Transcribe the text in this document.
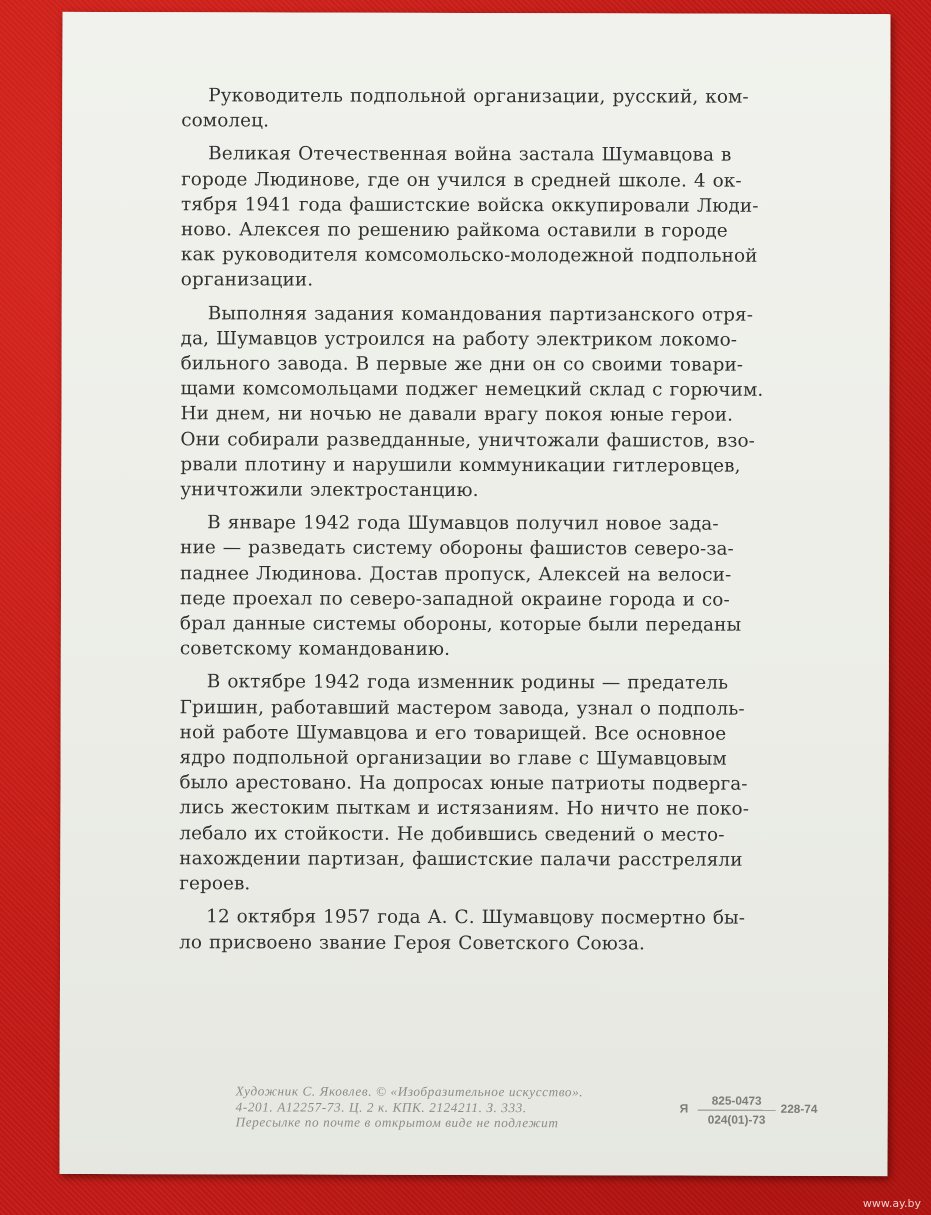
Руководитель подпольной организации, русский, ком-
сомолец.

Великая Отечественная война застала Шумавцова в
городе Людинове, где он учился в средней школе. 4 ок-
тября 1941 года фашистские войска оккупировали Люди-
ново. Алексея по решению райкома оставили в городе
как руководителя комсомольско-молодежной подпольной
организации.

Выполняя задания командования партизанского отря-
да, Шумавцов устроился на работу электриком локомо-
бильного завода. В первые же дни он со своими товари-
щами комсомольцами поджег немецкий склад с горючим.
Ни днем, ни ночью не давали врагу покоя юные герои.
Они собирали разведданные, уничтожали фашистов, взо-
рвали плотину и нарушили коммуникации гитлеровцев,
уничтожили электростанцию.

В январе 1942 года Шумавцов получил новое зада-
ние — разведать систему обороны фашистов северо-за-
паднее Людинова. Достав пропуск, Алексей на велоси-
педе проехал по северо-западной окраине города и со-
брал данные системы обороны, которые были переданы
советскому командованию.

В октябре 1942 года изменник родины — предатель
Гришин, работавший мастером завода, узнал о подполь-
ной работе Шумавцова и его товарищей. Все основное
ядро подпольной организации во главе с Шумавцовым
было арестовано. На допросах юные патриоты подверга-
лись жестоким пыткам и истязаниям. Но ничто не поко-
лебало их стойкости. Не добившись сведений о место-
нахождении партизан, фашистские палачи расстреляли
героев.

12 октября 1957 года А. С. Шумавцову посмертно бы-
ло присвоено звание Героя Советского Союза.

Художник С. Яковлев. © «Изобразительное искусство».
4-201. А12257-73. Ц. 2 к. КПК. 2124211. З. 333.
Пересылке по почте в открытом виде не подлежит
Я $\frac{825-0473}{024(01)-73} 228-74$
www.ay.by
